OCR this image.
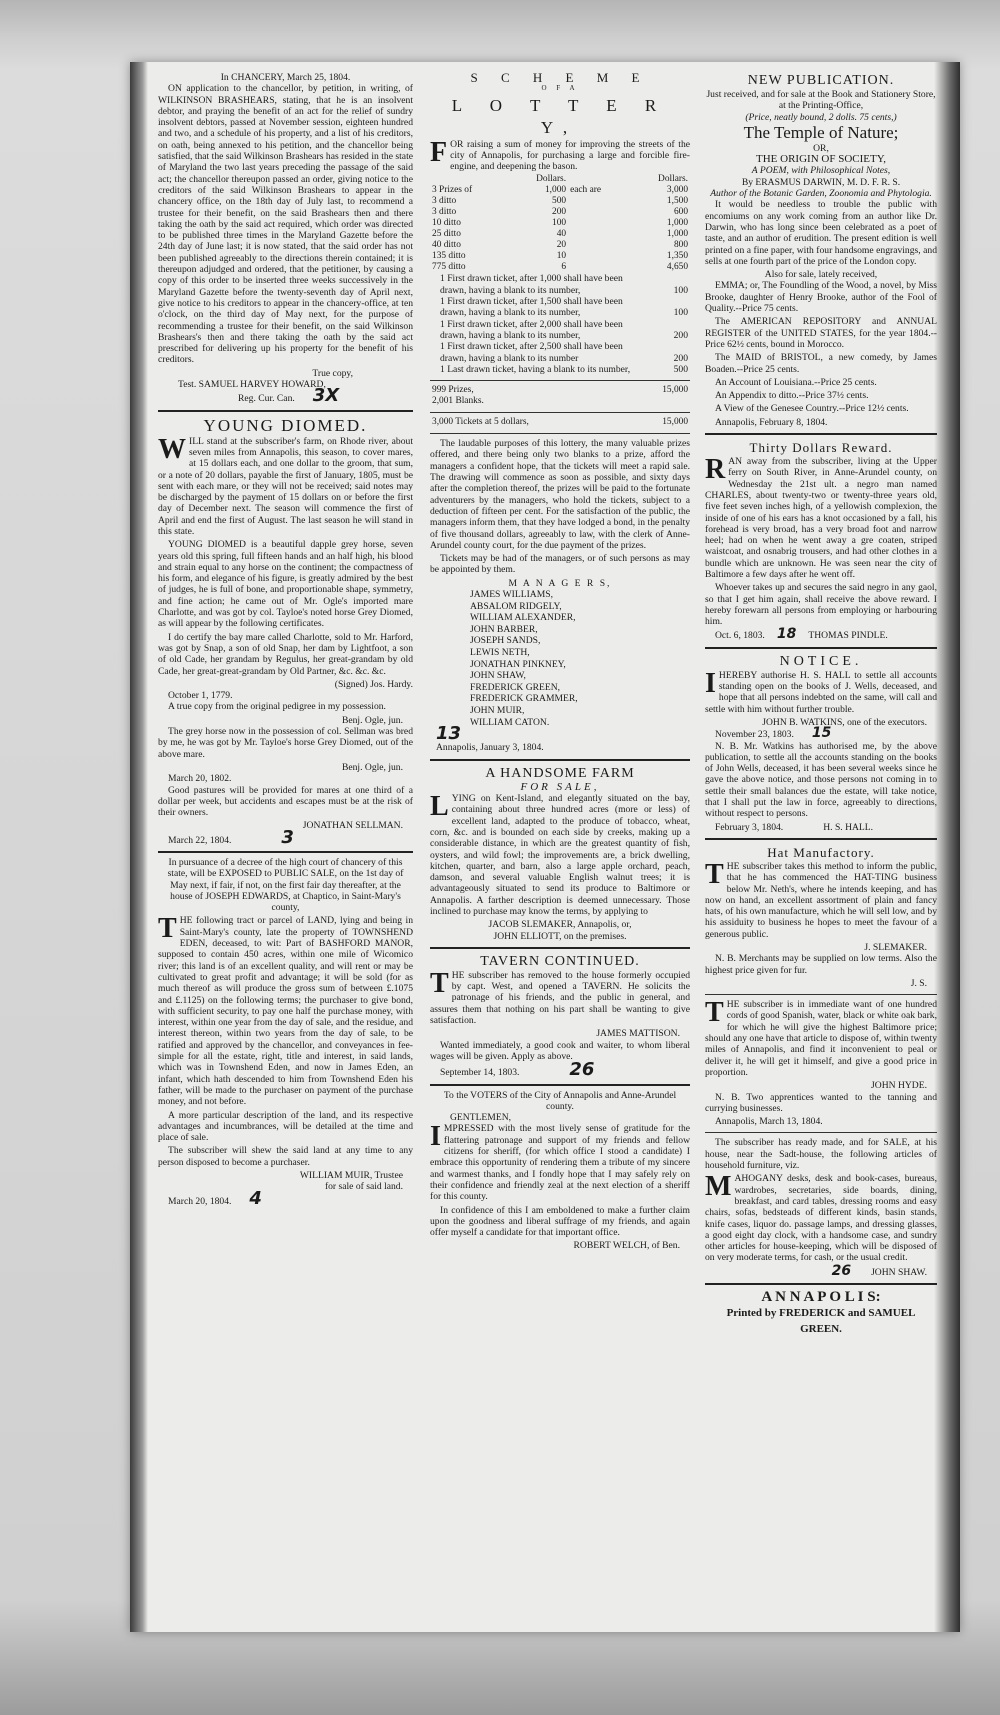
In CHANCERY, March 25, 1804.

ON application to the chancellor, by petition, in writing, of WILKINSON BRASHEARS, stating, that he is an insolvent debtor, and praying the benefit of an act for the relief of sundry insolvent debtors, passed at November session, eighteen hundred and two, and a schedule of his property, and a list of his creditors, on oath, being annexed to his petition, and the chancellor being satisfied, that the said Wilkinson Brashears has resided in the state of Maryland the two last years preceding the passage of the said act; the chancellor thereupon passed an order, giving notice to the creditors of the said Wilkinson Brashears to appear in the chancery office, on the 18th day of July last, to recommend a trustee for their benefit, on the said Brashears then and there taking the oath by the said act required, which order was directed to be published three times in the Maryland Gazette before the 24th day of June last; it is now stated, that the said order has not been published agreeably to the directions therein contained; it is thereupon adjudged and ordered, that the petitioner, by causing a copy of this order to be inserted three weeks successively in the Maryland Gazette before the twenty-seventh day of April next, give notice to his creditors to appear in the chancery-office, at ten o'clock, on the third day of May next, for the purpose of recommending a trustee for their benefit, on the said Wilkinson Brashears's then and there taking the oath by the said act prescribed for delivering up his property for the benefit of his creditors.

True copy,
Test. SAMUEL HARVEY HOWARD,
Reg. Cur. Can. 3X
YOUNG DIOMED.

WILL stand at the subscriber's farm, on Rhode river, about seven miles from Annapolis, this season, to cover mares, at 15 dollars each, and one dollar to the groom, that sum, or a note of 20 dollars, payable the first of January, 1805, must be sent with each mare, or they will not be received; said notes may be discharged by the payment of 15 dollars on or before the first day of December next. The season will commence the first of April and end the first of August. The last season he will stand in this state.

YOUNG DIOMED is a beautiful dapple grey horse, seven years old this spring, full fifteen hands and an half high, his blood and strain equal to any horse on the continent; the compactness of his form, and elegance of his figure, is greatly admired by the best of judges, he is full of bone, and proportionable shape, symmetry, and fine action; he came out of Mr. Ogle's imported mare Charlotte, and was got by col. Tayloe's noted horse Grey Diomed, as will appear by the following certificates.

I do certify the bay mare called Charlotte, sold to Mr. Harford, was got by Snap, a son of old Snap, her dam by Lightfoot, a son of old Cade, her grandam by Regulus, her great-grandam by old Cade, her great-great-grandam by Old Partner, &c. &c. &c.

(Signed) Jos. Hardy.
October 1, 1779.

A true copy from the original pedigree in my possession.

Benj. Ogle, jun.

The grey horse now in the possession of col. Sellman was bred by me, he was got by Mr. Tayloe's horse Grey Diomed, out of the above mare.

Benj. Ogle, jun.
March 20, 1802.

Good pastures will be provided for mares at one third of a dollar per week, but accidents and escapes must be at the risk of their owners.

JONATHAN SELLMAN.
March 22, 1804.	3

In pursuance of a decree of the high court of chancery of this state, will be EXPOSED to PUBLIC SALE, on the 1st day of May next, if fair, if not, on the first fair day thereafter, at the house of JOSEPH EDWARDS, at Chaptico, in Saint-Mary's county,

THE following tract or parcel of LAND, lying and being in Saint-Mary's county, late the property of TOWNSHEND EDEN, deceased, to wit: Part of BASHFORD MANOR, supposed to contain 450 acres, within one mile of Wicomico river; this land is of an excellent quality, and will rent or may be cultivated to great profit and advantage; it will be sold (for as much thereof as will produce the gross sum of between £.1075 and £.1125) on the following terms; the purchaser to give bond, with sufficient security, to pay one half the purchase money, with interest, within one year from the day of sale, and the residue, and interest thereon, within two years from the day of sale, to be ratified and approved by the chancellor, and conveyances in fee-simple for all the estate, right, title and interest, in said lands, which was in Townshend Eden, and now in James Eden, an infant, which hath descended to him from Townshend Eden his father, will be made to the purchaser on payment of the purchase money, and not before.

A more particular description of the land, and its respective advantages and incumbrances, will be detailed at the time and place of sale.

The subscriber will shew the said land at any time to any person disposed to become a purchaser.

WILLIAM MUIR, Trustee
for sale of said land.
March 20, 1804. 4
S C H E M E
O F A
L O T T E R Y,

FOR raising a sum of money for improving the streets of the city of Annapolis, for purchasing a large and forcible fire-engine, and deepening the bason.

	Dollars.		Dollars.
3 Prizes of	1,000	each are	3,000
3 ditto	500		1,500
3 ditto	200		600
10 ditto	100		1,000
25 ditto	40		1,000
40 ditto	20		800
135 ditto	10		1,350
775 ditto	6		4,650
1 First drawn ticket, after 1,000 shall have been drawn, having a blank to its number,	100
1 First drawn ticket, after 1,500 shall have been drawn, having a blank to its number,	100
1 First drawn ticket, after 2,000 shall have been drawn, having a blank to its number,	200
1 First drawn ticket, after 2,500 shall have been drawn, having a blank to its number	200
1 Last drawn ticket, having a blank to its number,	500
999 Prizes,	15,000
2,001 Blanks.	
3,000 Tickets at 5 dollars,	15,000

The laudable purposes of this lottery, the many valuable prizes offered, and there being only two blanks to a prize, afford the managers a confident hope, that the tickets will meet a rapid sale. The drawing will commence as soon as possible, and sixty days after the completion thereof, the prizes will be paid to the fortunate adventurers by the managers, who hold the tickets, subject to a deduction of fifteen per cent. For the satisfaction of the public, the managers inform them, that they have lodged a bond, in the penalty of five thousand dollars, agreeably to law, with the clerk of Anne-Arundel county court, for the due payment of the prizes.

Tickets may be had of the managers, or of such persons as may be appointed by them.

M A N A G E R S,
JAMES WILLIAMS,
ABSALOM RIDGELY,
WILLIAM ALEXANDER,
JOHN BARBER,
JOSEPH SANDS,
LEWIS NETH,
JONATHAN PINKNEY,
JOHN SHAW,
FREDERICK GREEN,
FREDERICK GRAMMER,
JOHN MUIR,
WILLIAM CATON.
13
Annapolis, January 3, 1804.
A HANDSOME FARM
FOR SALE,

LYING on Kent-Island, and elegantly situated on the bay, containing about three hundred acres (more or less) of excellent land, adapted to the produce of tobacco, wheat, corn, &c. and is bounded on each side by creeks, making up a considerable distance, in which are the greatest quantity of fish, oysters, and wild fowl; the improvements are, a brick dwelling, kitchen, quarter, and barn, also a large apple orchard, peach, damson, and several valuable English walnut trees; it is advantageously situated to send its produce to Baltimore or Annapolis. A farther description is deemed unnecessary. Those inclined to purchase may know the terms, by applying to

JACOB SLEMAKER, Annapolis, or,
JOHN ELLIOTT, on the premises.
TAVERN CONTINUED.

THE subscriber has removed to the house formerly occupied by capt. West, and opened a TAVERN. He solicits the patronage of his friends, and the public in general, and assures them that nothing on his part shall be wanting to give satisfaction.

JAMES MATTISON.

Wanted immediately, a good cook and waiter, to whom liberal wages will be given. Apply as above.

September 14, 1803.	26
To the VOTERS of the City of Annapolis and Anne-Arundel county.
GENTLEMEN,

IMPRESSED with the most lively sense of gratitude for the flattering patronage and support of my friends and fellow citizens for sheriff, (for which office I stood a candidate) I embrace this opportunity of rendering them a tribute of my sincere and warmest thanks, and I fondly hope that I may safely rely on their confidence and friendly zeal at the next election of a sheriff for this county.

In confidence of this I am emboldened to make a further claim upon the goodness and liberal suffrage of my friends, and again offer myself a candidate for that important office.

ROBERT WELCH, of Ben.
NEW PUBLICATION.
Just received, and for sale at the Book and Stationery Store, at the Printing-Office,
(Price, neatly bound, 2 dolls. 75 cents,)
The Temple of Nature;
OR,
THE ORIGIN OF SOCIETY,
A POEM, with Philosophical Notes,
By ERASMUS DARWIN, M. D. F. R. S.
Author of the Botanic Garden, Zoonomia and Phytologia.

It would be needless to trouble the public with encomiums on any work coming from an author like Dr. Darwin, who has long since been celebrated as a poet of taste, and an author of erudition. The present edition is well printed on a fine paper, with four handsome engravings, and sells at one fourth part of the price of the London copy.

Also for sale, lately received,

EMMA; or, The Foundling of the Wood, a novel, by Miss Brooke, daughter of Henry Brooke, author of the Fool of Quality.--Price 75 cents.

The AMERICAN REPOSITORY and ANNUAL REGISTER of the UNITED STATES, for the year 1804.--Price 62½ cents, bound in Morocco.

The MAID of BRISTOL, a new comedy, by James Boaden.--Price 25 cents.

An Account of Louisiana.--Price 25 cents.

An Appendix to ditto.--Price 37½ cents.

A View of the Genesee Country.--Price 12½ cents.

Annapolis, February 8, 1804.

Thirty Dollars Reward.

RAN away from the subscriber, living at the Upper ferry on South River, in Anne-Arundel county, on Wednesday the 21st ult. a negro man named CHARLES, about twenty-two or twenty-three years old, five feet seven inches high, of a yellowish complexion, the inside of one of his ears has a knot occasioned by a fall, his forehead is very broad, has a very broad foot and narrow heel; had on when he went away a gre coaten, striped waistcoat, and osnabrig trousers, and had other clothes in a bundle which are unknown. He was seen near the city of Baltimore a few days after he went off.

Whoever takes up and secures the said negro in any gaol, so that I get him again, shall receive the above reward. I hereby forewarn all persons from employing or harbouring him.

Oct. 6, 1803. 18 THOMAS PINDLE.
NOTICE.

I HEREBY authorise H. S. HALL to settle all accounts standing open on the books of J. Wells, deceased, and hope that all persons indebted on the same, will call and settle with him without further trouble.

JOHN B. WATKINS, one of the executors.
November 23, 1803. 15

N. B. Mr. Watkins has authorised me, by the above publication, to settle all the accounts standing on the books of John Wells, deceased, it has been several weeks since he gave the above notice, and those persons not coming in to settle their small balances due the estate, will take notice, that I shall put the law in force, agreeably to directions, without respect to persons.

February 3, 1804.	H. S. HALL.
Hat Manufactory.

THE subscriber takes this method to inform the public, that he has commenced the HAT-TING business below Mr. Neth's, where he intends keeping, and has now on hand, an excellent assortment of plain and fancy hats, of his own manufacture, which he will sell low, and by his assiduity to business he hopes to meet the favour of a generous public.

J. SLEMAKER.

N. B. Merchants may be supplied on low terms. Also the highest price given for fur.

J. S.

THE subscriber is in immediate want of one hundred cords of good Spanish, water, black or white oak bark, for which he will give the highest Baltimore price; should any one have that article to dispose of, within twenty miles of Annapolis, and find it inconvenient to peal or deliver it, he will get it himself, and give a good price in proportion.

JOHN HYDE.

N. B. Two apprentices wanted to the tanning and currying businesses.

Annapolis, March 13, 1804.

The subscriber has ready made, and for SALE, at his house, near the Sadt-house, the following articles of household furniture, viz.

MAHOGANY desks, desk and book-cases, bureaus, wardrobes, secretaries, side boards, dining, breakfast, and card tables, dressing rooms and easy chairs, sofas, bedsteads of different kinds, basin stands, knife cases, liquor do. passage lamps, and dressing glasses, a good eight day clock, with a handsome case, and sundry other articles for house-keeping, which will be disposed of on very moderate terms, for cash, or the usual credit.

26 JOHN SHAW.
A N N A P O L I S:
Printed by FREDERICK and SAMUEL
GREEN.
